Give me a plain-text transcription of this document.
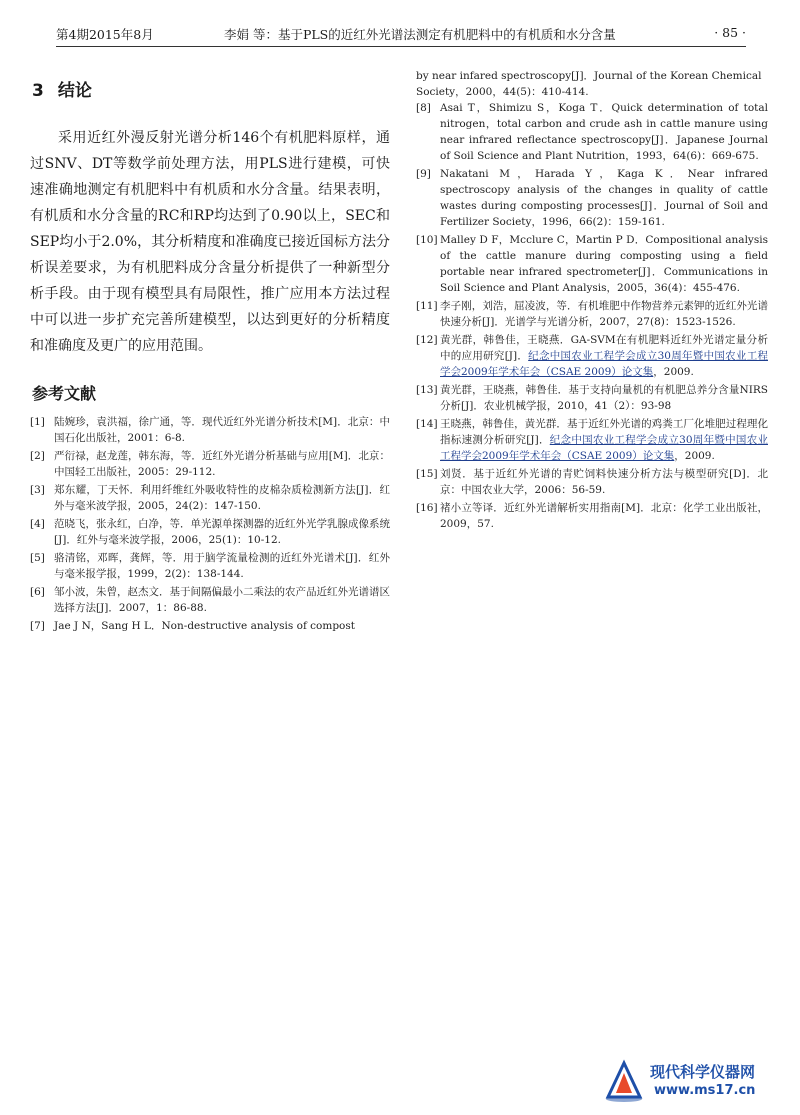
第4期2015年8月	李娟 等：基于PLS的近红外光谱法测定有机肥料中的有机质和水分含量	· 85 ·
3 结论

采用近红外漫反射光谱分析146个有机肥料原样，通过SNV、DT等数学前处理方法，用PLS进行建模，可快速准确地测定有机肥料中有机质和水分含量。结果表明，有机质和水分含量的RC和RP均达到了0.90以上，SEC和SEP均小于2.0%，其分析精度和准确度已接近国标方法分析误差要求，为有机肥料成分含量分析提供了一种新型分析手段。由于现有模型具有局限性，推广应用本方法过程中可以进一步扩充完善所建模型，以达到更好的分析精度和准确度及更广的应用范围。

参考文献
[1] 陆婉珍，袁洪福，徐广通，等．现代近红外光谱分析技术[M]．北京：中国石化出版社，2001：6-8.
[2] 严衍禄，赵龙莲，韩东海，等．近红外光谱分析基础与应用[M]．北京：中国轻工出版社，2005：29-112.
[3] 郑东耀，丁天怀．利用纤维红外吸收特性的皮棉杂质检测新方法[J]．红外与毫米波学报，2005，24(2)：147-150.
[4] 范晓飞，张永红，白净，等．单光源单探测器的近红外光学乳腺成像系统[J]．红外与毫米波学报，2006，25(1)：10-12.
[5] 骆清铭，邓晖，龚辉，等．用于脑学流量检测的近红外光谱术[J]．红外与毫米报学报，1999，2(2)：138-144.
[6] 邹小波，朱曾，赵杰文．基于间隔偏最小二乘法的农产品近红外光谱谱区选择方法[J]．2007，1：86-88.
[7] Jae J N，Sang H L．Non-destructive analysis of compost
by near infared spectroscopy[J]．Journal of the Korean Chemical Society，2000，44(5)：410-414.
[8] Asai T，Shimizu S，Koga T．Quick determination of total nitrogen，total carbon and crude ash in cattle manure using near infrared reflectance spectroscopy[J]．Japanese Journal of Soil Science and Plant Nutrition，1993，64(6)：669-675.
[9] Nakatani M，Harada Y，Kaga K．Near infrared spectroscopy analysis of the changes in quality of cattle wastes during composting processes[J]．Journal of Soil and Fertilizer Society，1996，66(2)：159-161.
[10] Malley D F，Mcclure C，Martin P D．Compositional analysis of the cattle manure during composting using a field portable near infrared spectrometer[J]．Communications in Soil Science and Plant Analysis，2005，36(4)：455-476.
[11] 李子刚，刘浩，屈凌波，等．有机堆肥中作物营养元素钾的近红外光谱快速分析[J]．光谱学与光谱分析，2007，27(8)：1523-1526.
[12] 黄光群，韩鲁佳，王晓燕．GA-SVM在有机肥料近红外光谱定量分析中的应用研究[J]．纪念中国农业工程学会成立30周年暨中国农业工程学会2009年学术年会（CSAE 2009）论文集，2009.
[13] 黄光群，王晓燕，韩鲁佳．基于支持向量机的有机肥总养分含量NIRS分析[J]．农业机械学报，2010，41（2）：93-98
[14] 王晓燕，韩鲁佳，黄光群．基于近红外光谱的鸡粪工厂化堆肥过程理化指标速测分析研究[J]．纪念中国农业工程学会成立30周年暨中国农业工程学会2009年学术年会（CSAE 2009）论文集，2009.
[15] 刘贤．基于近红外光谱的青贮饲料快速分析方法与模型研究[D]．北京：中国农业大学，2006：56-59.
[16] 褚小立等译．近红外光谱解析实用指南[M]．北京：化学工业出版社，2009，57.
现代科学仪器网
www.ms17.cn
